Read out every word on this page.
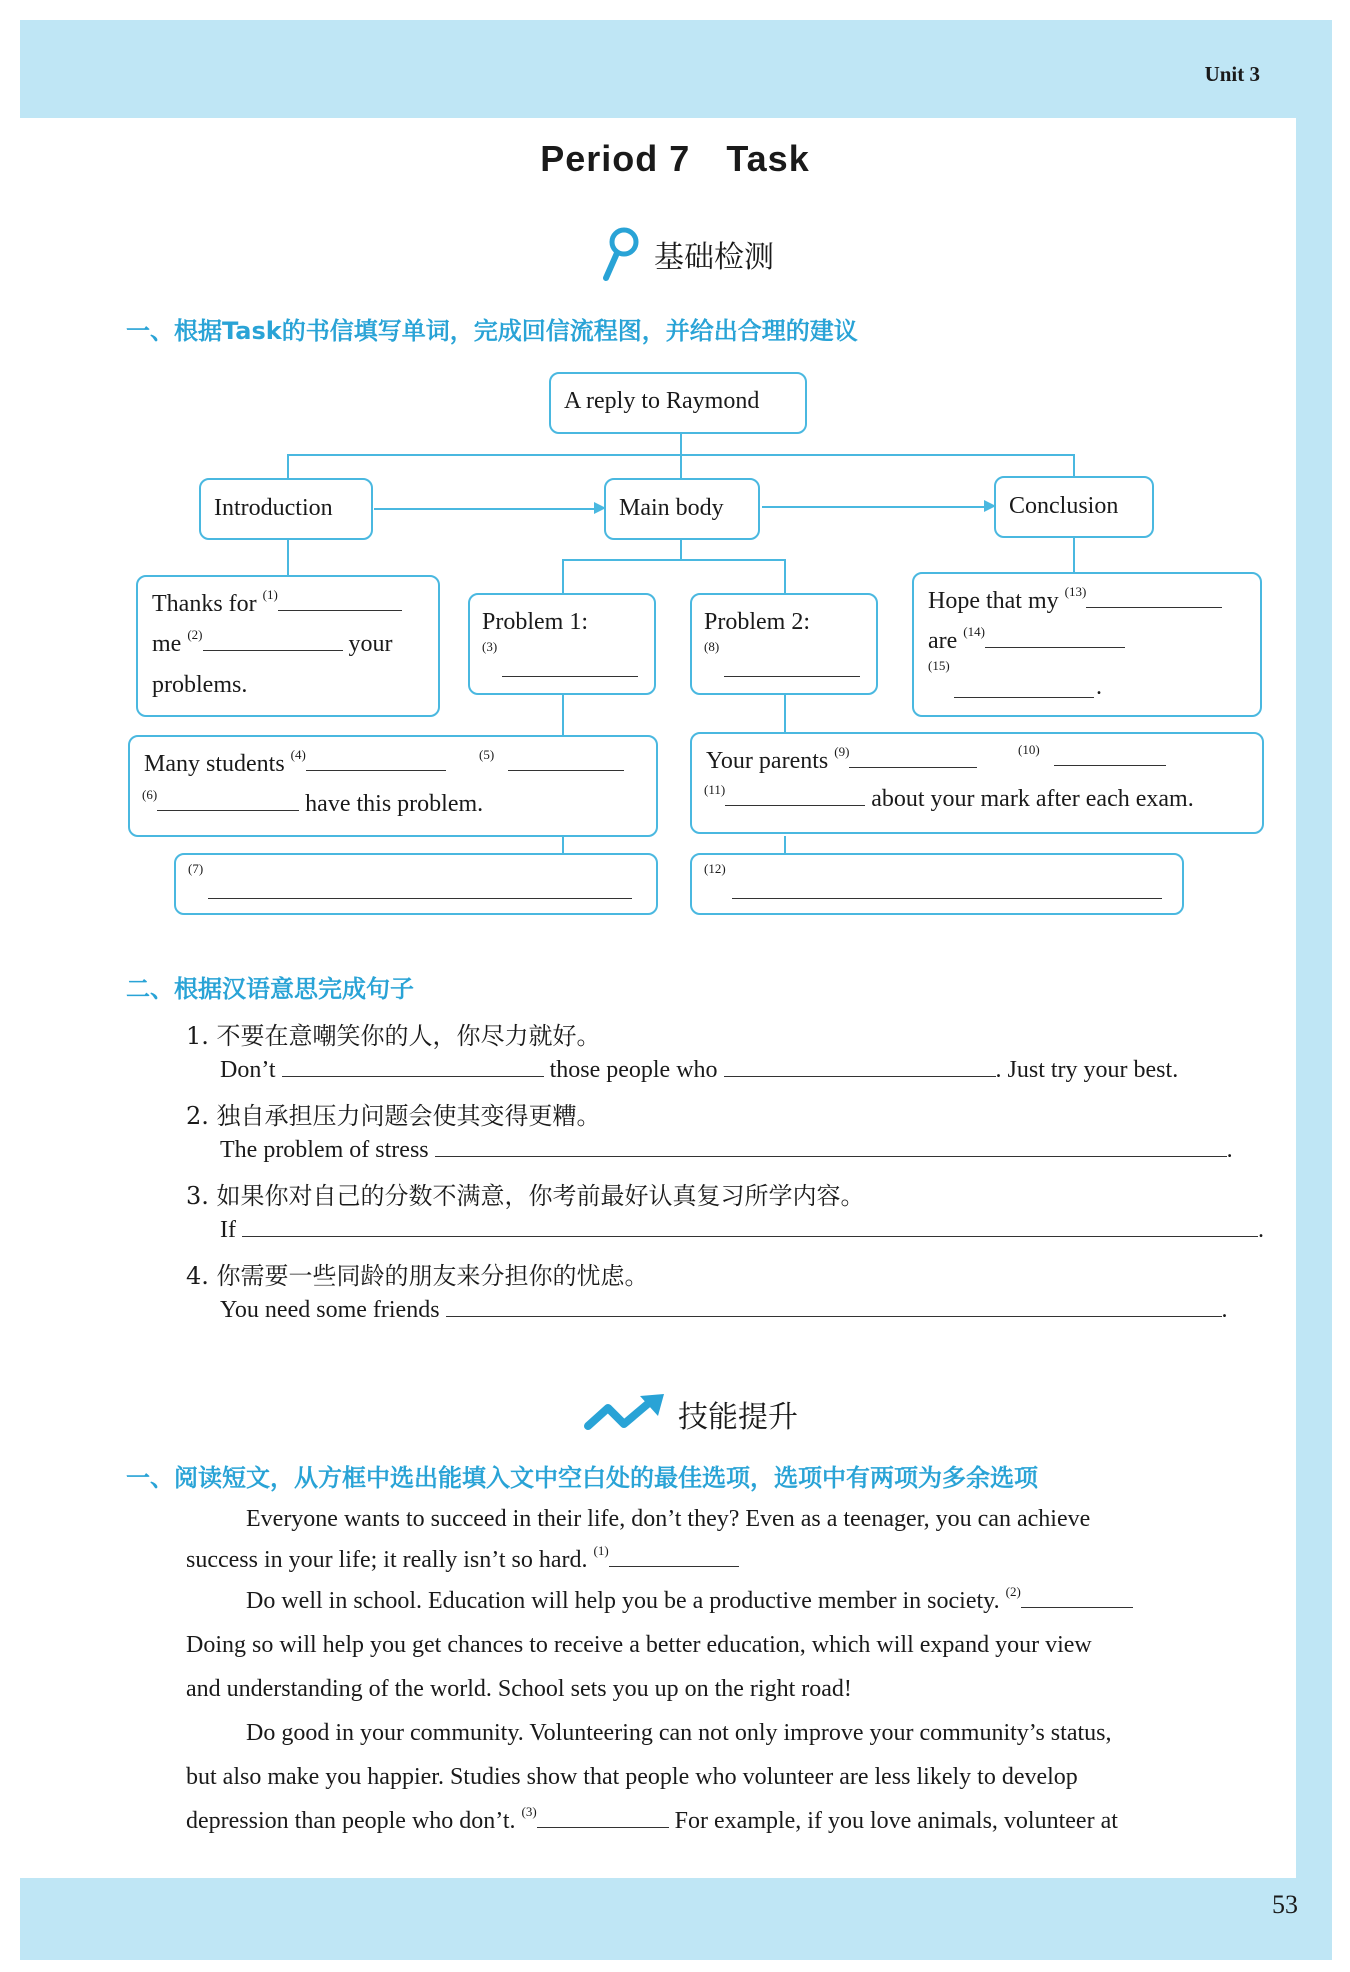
Unit 3
Period 7 Task
基础检测
一、根据Task的书信填写单词，完成回信流程图，并给出合理的建议
A reply to Raymond
Introduction	Main body	Conclusion
Thanks for $^{(1)}$
me $^{(2)}$	your
problems.
Problem 1:
$^{(3)}$
Problem 2:
$^{(8)}$
Hope that my $^{(13)}$
are $^{(14)}$
$^{(15)}$
.
Many students $^{(4)}$	$^{(5)}$
$^{(6)}$	have this problem.
Your parents $^{(9)}$	$^{(10)}$
$^{(11)}$	about your mark after each exam.
$^{(7)}$	$^{(12)}$
二、根据汉语意思完成句子
1. 不要在意嘲笑你的人，你尽力就好。
Don’t	those people who	. Just try your best.
2. 独自承担压力问题会使其变得更糟。
The problem of stress	.
3. 如果你对自己的分数不满意，你考前最好认真复习所学内容。
If	.
4. 你需要一些同龄的朋友来分担你的忧虑。
You need some friends	.
技能提升
一、阅读短文，从方框中选出能填入文中空白处的最佳选项，选项中有两项为多余选项
Everyone wants to succeed in their life, don’t they? Even as a teenager, you can achieve
success in your life; it really isn’t so hard. $^{(1)}$
Do well in school. Education will help you be a productive member in society. $^{(2)}$
Doing so will help you get chances to receive a better education, which will expand your view
and understanding of the world. School sets you up on the right road!
Do good in your community. Volunteering can not only improve your community’s status,
but also make you happier. Studies show that people who volunteer are less likely to develop
depression than people who don’t. $^{(3)}$	For example, if you love animals, volunteer at
53
